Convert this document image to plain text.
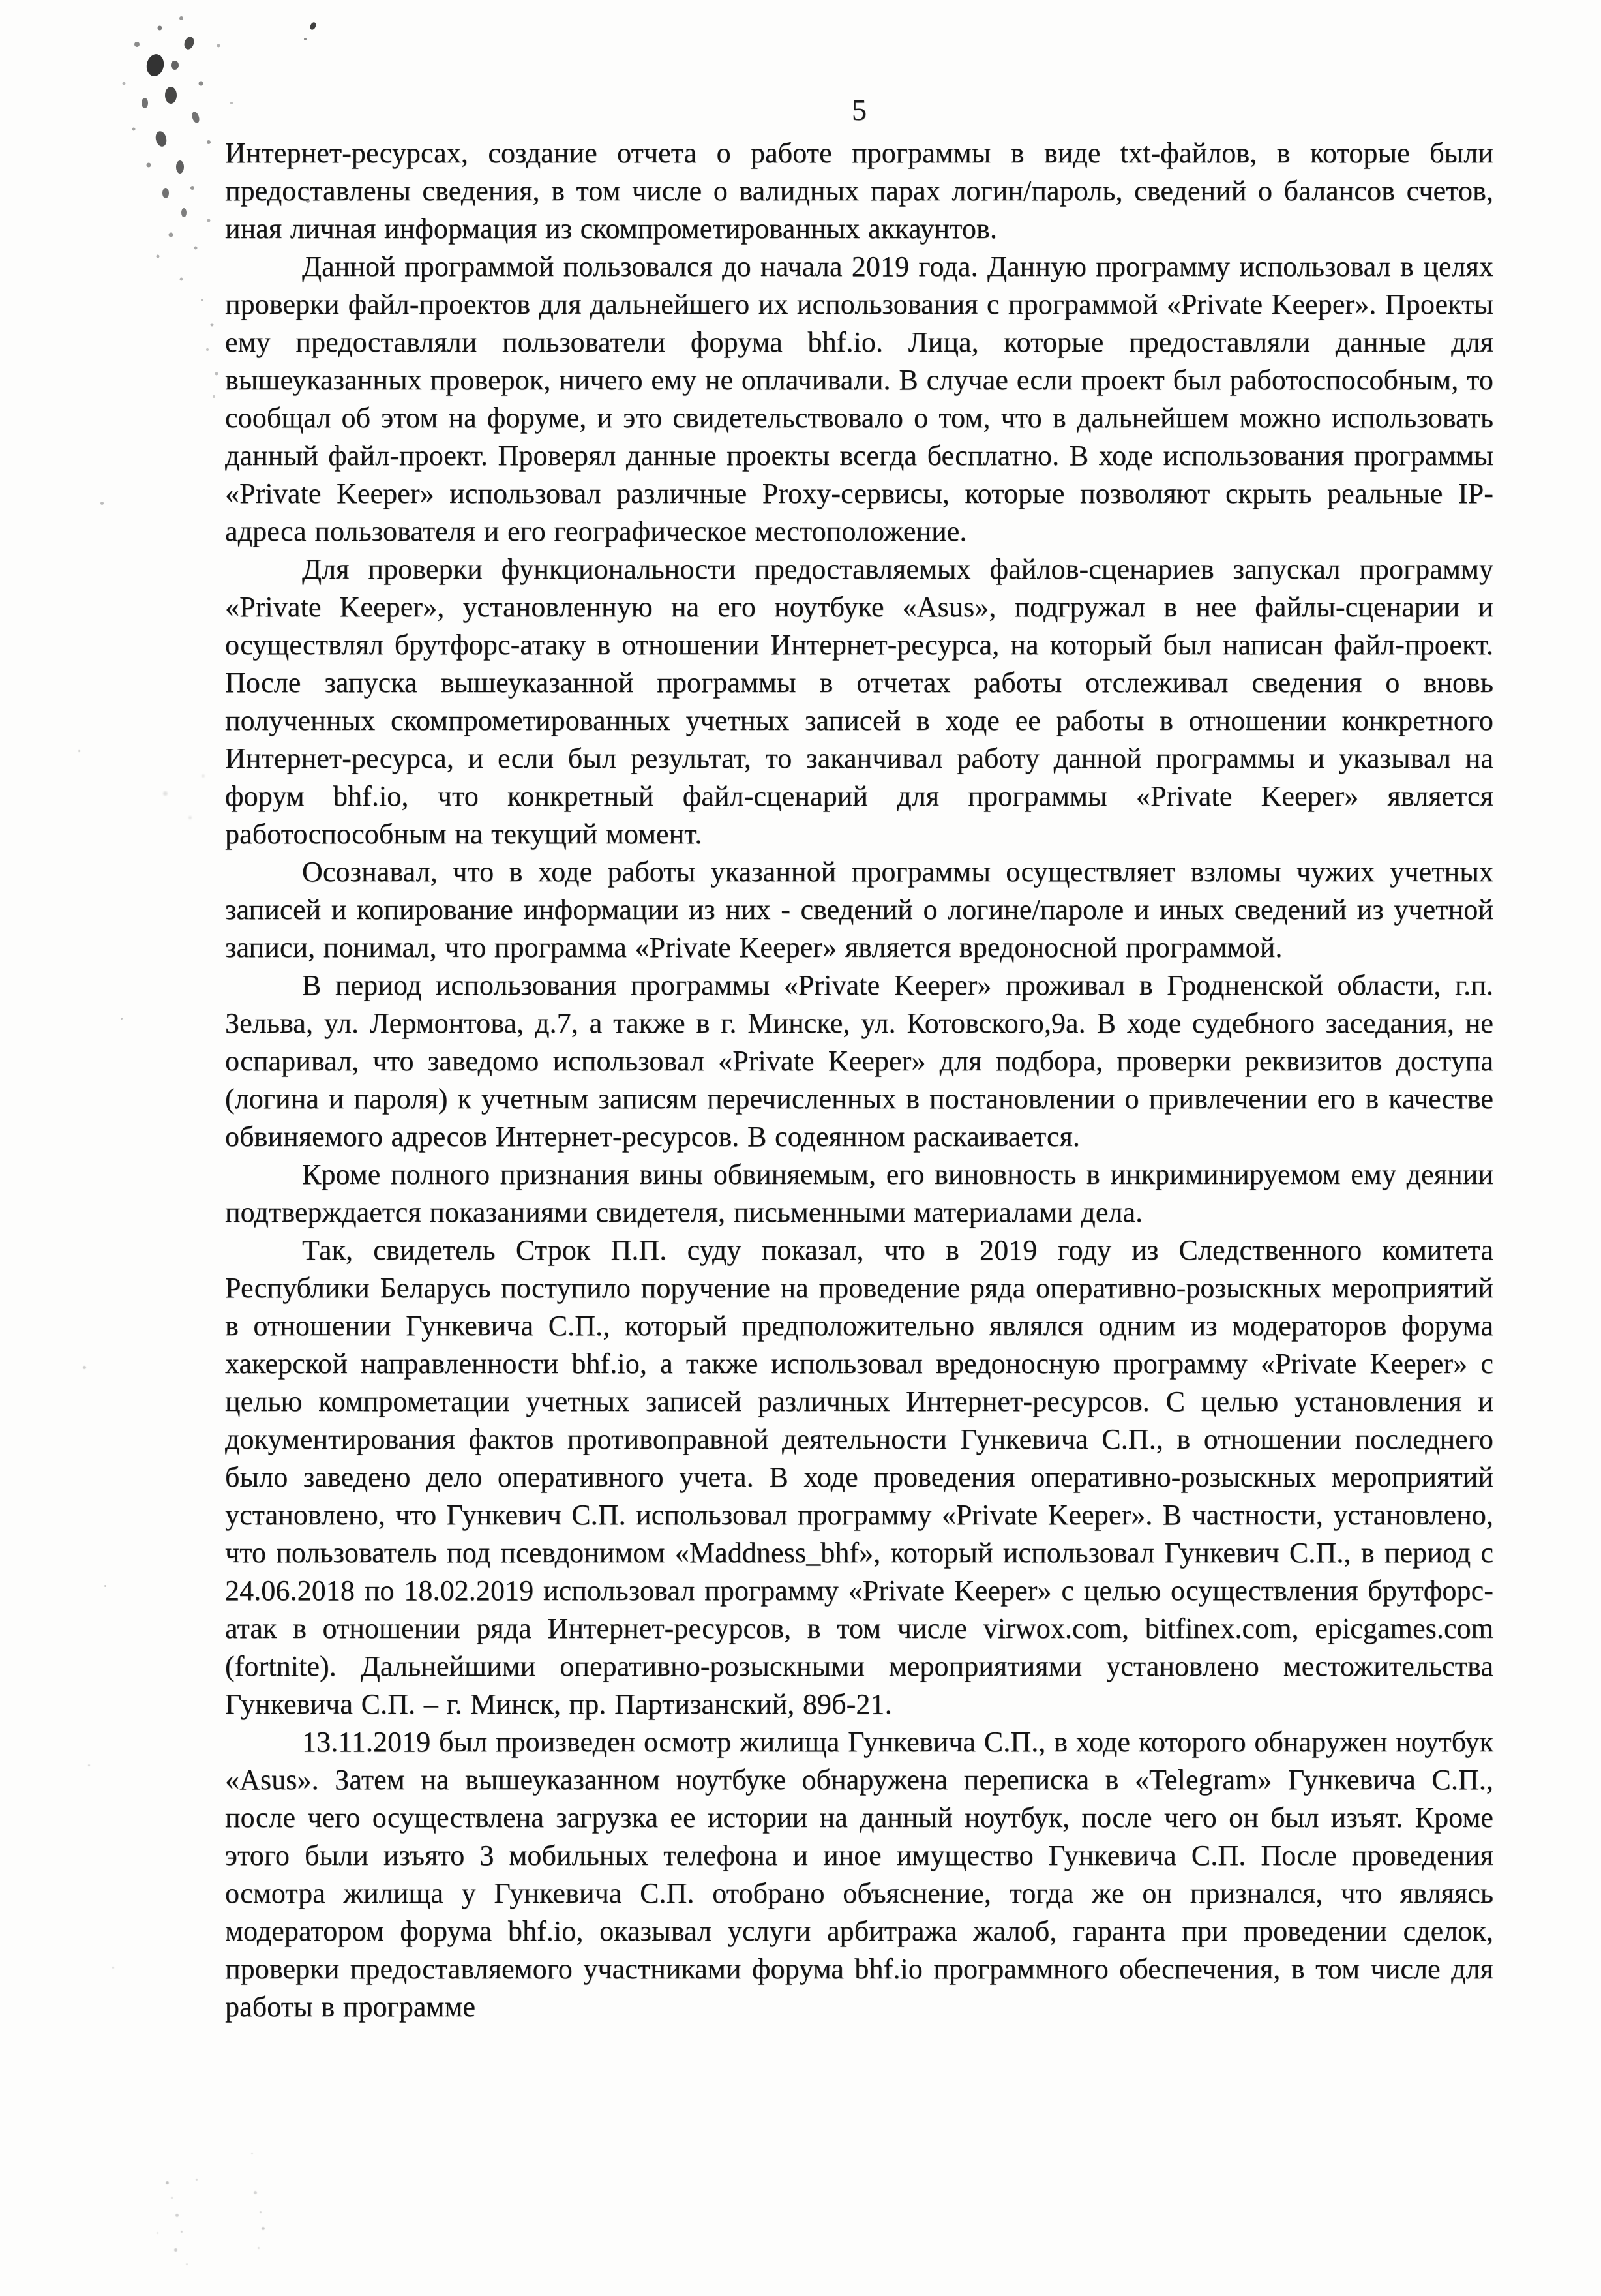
5

Интернет-ресурсах, создание отчета о работе программы в виде txt-файлов, в которые были предоставлены сведения, в том числе о валидных парах логин/пароль, сведений о балансов счетов, иная личная информация из скомпрометированных аккаунтов.

Данной программой пользовался до начала 2019 года. Данную программу использовал в целях проверки файл-проектов для дальнейшего их использования с программой «Private Keeper». Проекты ему предоставляли пользователи форума bhf.io. Лица, которые предоставляли данные для вышеуказанных проверок, ничего ему не оплачивали. В случае если проект был работоспособным, то сообщал об этом на форуме, и это свидетельствовало о том, что в дальнейшем можно использовать данный файл-проект. Проверял данные проекты всегда бесплатно. В ходе использования программы «Private Keeper» использовал различные Proxy-сервисы, которые позволяют скрыть реальные IP-адреса пользователя и его географическое местоположение.

Для проверки функциональности предоставляемых файлов-сценариев запускал программу «Private Keeper», установленную на его ноутбуке «Asus», подгружал в нее файлы-сценарии и осуществлял брутфорс-атаку в отношении Интернет-ресурса, на который был написан файл-проект. После запуска вышеуказанной программы в отчетах работы отслеживал сведения о вновь полученных скомпрометированных учетных записей в ходе ее работы в отношении конкретного Интернет-ресурса, и если был результат, то заканчивал работу данной программы и указывал на форум bhf.io, что конкретный файл-сценарий для программы «Private Keeper» является работоспособным на текущий момент.

Осознавал, что в ходе работы указанной программы осуществляет взломы чужих учетных записей и копирование информации из них - сведений о логине/пароле и иных сведений из учетной записи, понимал, что программа «Private Keeper» является вредоносной программой.

В период использования программы «Private Keeper» проживал в Гродненской области, г.п. Зельва, ул. Лермонтова, д.7, а также в г. Минске, ул. Котовского,9а. В ходе судебного заседания, не оспаривал, что заведомо использовал «Private Keeper» для подбора, проверки реквизитов доступа (логина и пароля) к учетным записям перечисленных в постановлении о привлечении его в качестве обвиняемого адресов Интернет-ресурсов. В содеянном раскаивается.

Кроме полного признания вины обвиняемым, его виновность в инкриминируемом ему деянии подтверждается показаниями свидетеля, письменными материалами дела.

Так, свидетель Строк П.П. суду показал, что в 2019 году из Следственного комитета Республики Беларусь поступило поручение на проведение ряда оперативно-розыскных мероприятий в отношении Гункевича С.П., который предположительно являлся одним из модераторов форума хакерской направленности bhf.io, а также использовал вредоносную программу «Private Keeper» с целью компрометации учетных записей различных Интернет-ресурсов. С целью установления и документирования фактов противоправной деятельности Гункевича С.П., в отношении последнего было заведено дело оперативного учета. В ходе проведения оперативно-розыскных мероприятий установлено, что Гункевич С.П. использовал программу «Private Keeper». В частности, установлено, что пользователь под псевдонимом «Maddness_bhf», который использовал Гункевич С.П., в период с 24.06.2018 по 18.02.2019 использовал программу «Private Keeper» с целью осуществления брутфорс-атак в отношении ряда Интернет-ресурсов, в том числе virwox.com, bitfinex.com, epicgames.com (fortnite). Дальнейшими оперативно-розыскными мероприятиями установлено местожительства Гункевича С.П. – г. Минск, пр. Партизанский, 89б-21.

13.11.2019 был произведен осмотр жилища Гункевича С.П., в ходе которого обнаружен ноутбук «Asus». Затем на вышеуказанном ноутбуке обнаружена переписка в «Telegram» Гункевича С.П., после чего осуществлена загрузка ее истории на данный ноутбук, после чего он был изъят. Кроме этого были изъято 3 мобильных телефона и иное имущество Гункевича С.П. После проведения осмотра жилища у Гункевича С.П. отобрано объяснение, тогда же он признался, что являясь модератором форума bhf.io, оказывал услуги арбитража жалоб, гаранта при проведении сделок, проверки предоставляемого участниками форума bhf.io программного обеспечения, в том числе для работы в программе
